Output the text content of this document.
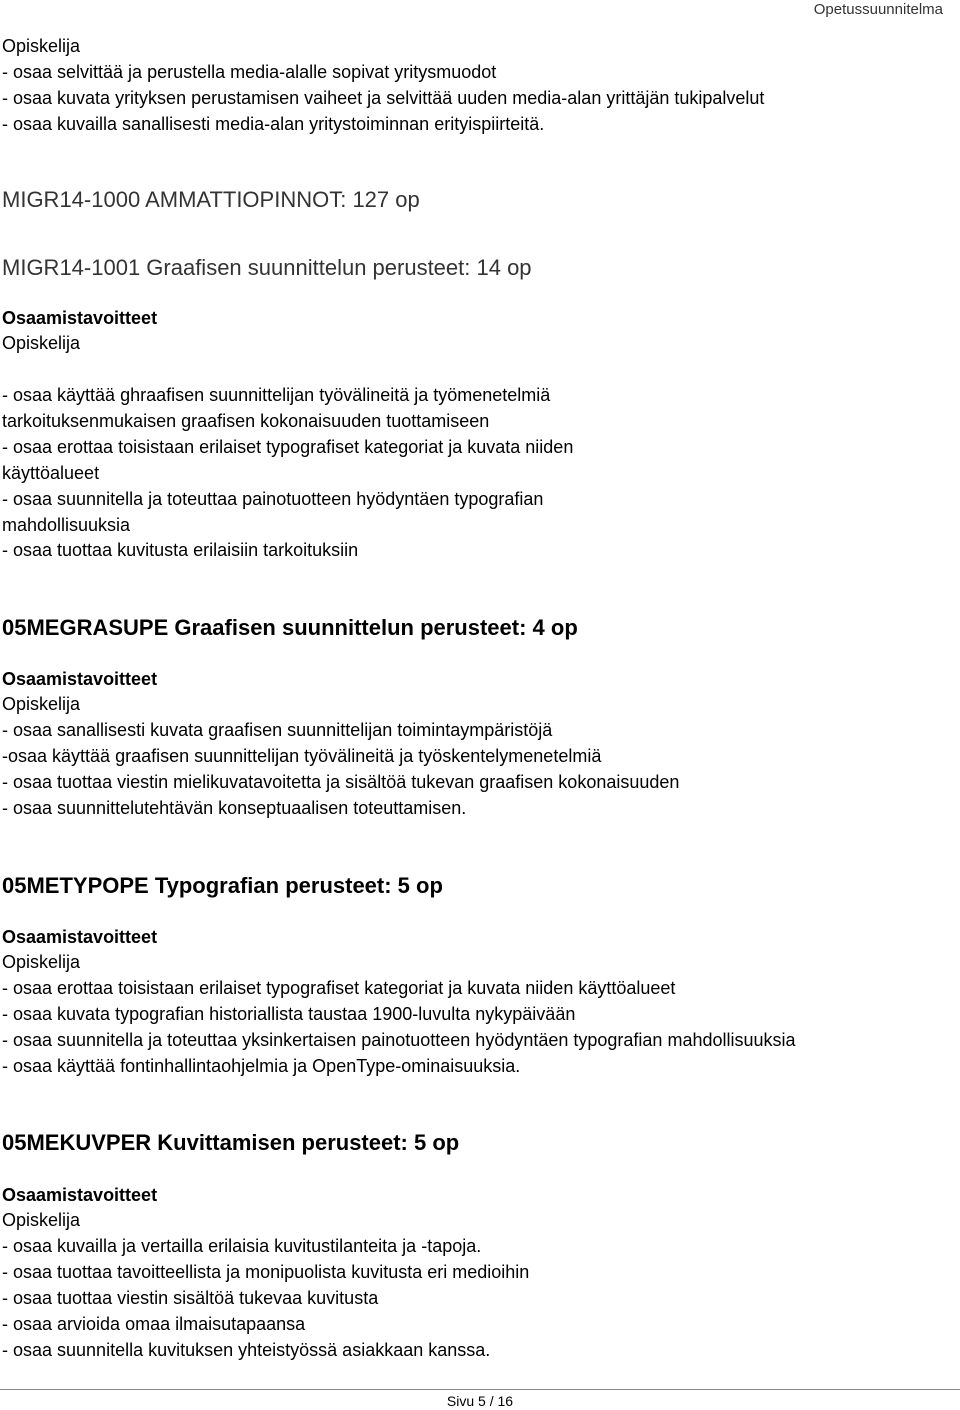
Opetussuunnitelma
Opiskelija
- osaa selvittää ja perustella media-alalle sopivat yritysmuodot
- osaa kuvata yrityksen perustamisen vaiheet ja selvittää uuden media-alan yrittäjän tukipalvelut
- osaa kuvailla sanallisesti media-alan yritystoiminnan erityispiirteitä.
MIGR14-1000 AMMATTIOPINNOT: 127 op
MIGR14-1001 Graafisen suunnittelun perusteet: 14 op
Osaamistavoitteet
Opiskelija
- osaa käyttää ghraafisen suunnittelijan työvälineitä ja työmenetelmiä
tarkoituksenmukaisen graafisen kokonaisuuden tuottamiseen
- osaa erottaa toisistaan erilaiset typografiset kategoriat ja kuvata niiden
käyttöalueet
- osaa suunnitella ja toteuttaa painotuotteen hyödyntäen typografian
mahdollisuuksia
- osaa tuottaa kuvitusta erilaisiin tarkoituksiin
05MEGRASUPE Graafisen suunnittelun perusteet: 4 op
Osaamistavoitteet
Opiskelija
- osaa sanallisesti kuvata graafisen suunnittelijan toimintaympäristöjä
-osaa käyttää graafisen suunnittelijan työvälineitä ja työskentelymenetelmiä
- osaa tuottaa viestin mielikuvatavoitetta ja sisältöä tukevan graafisen kokonaisuuden
- osaa suunnittelutehtävän konseptuaalisen toteuttamisen.
05METYPOPE Typografian perusteet: 5 op
Osaamistavoitteet
Opiskelija
- osaa erottaa toisistaan erilaiset typografiset kategoriat ja kuvata niiden käyttöalueet
- osaa kuvata typografian historiallista taustaa 1900-luvulta nykypäivään
- osaa suunnitella ja toteuttaa yksinkertaisen painotuotteen hyödyntäen typografian mahdollisuuksia
- osaa käyttää fontinhallintaohjelmia ja OpenType-ominaisuuksia.
05MEKUVPER Kuvittamisen perusteet: 5 op
Osaamistavoitteet
Opiskelija
- osaa kuvailla ja vertailla erilaisia kuvitustilanteita ja -tapoja.
- osaa tuottaa tavoitteellista ja monipuolista kuvitusta eri medioihin
- osaa tuottaa viestin sisältöä tukevaa kuvitusta
- osaa arvioida omaa ilmaisutapaansa
- osaa suunnitella kuvituksen yhteistyössä asiakkaan kanssa.
Sivu 5 / 16
